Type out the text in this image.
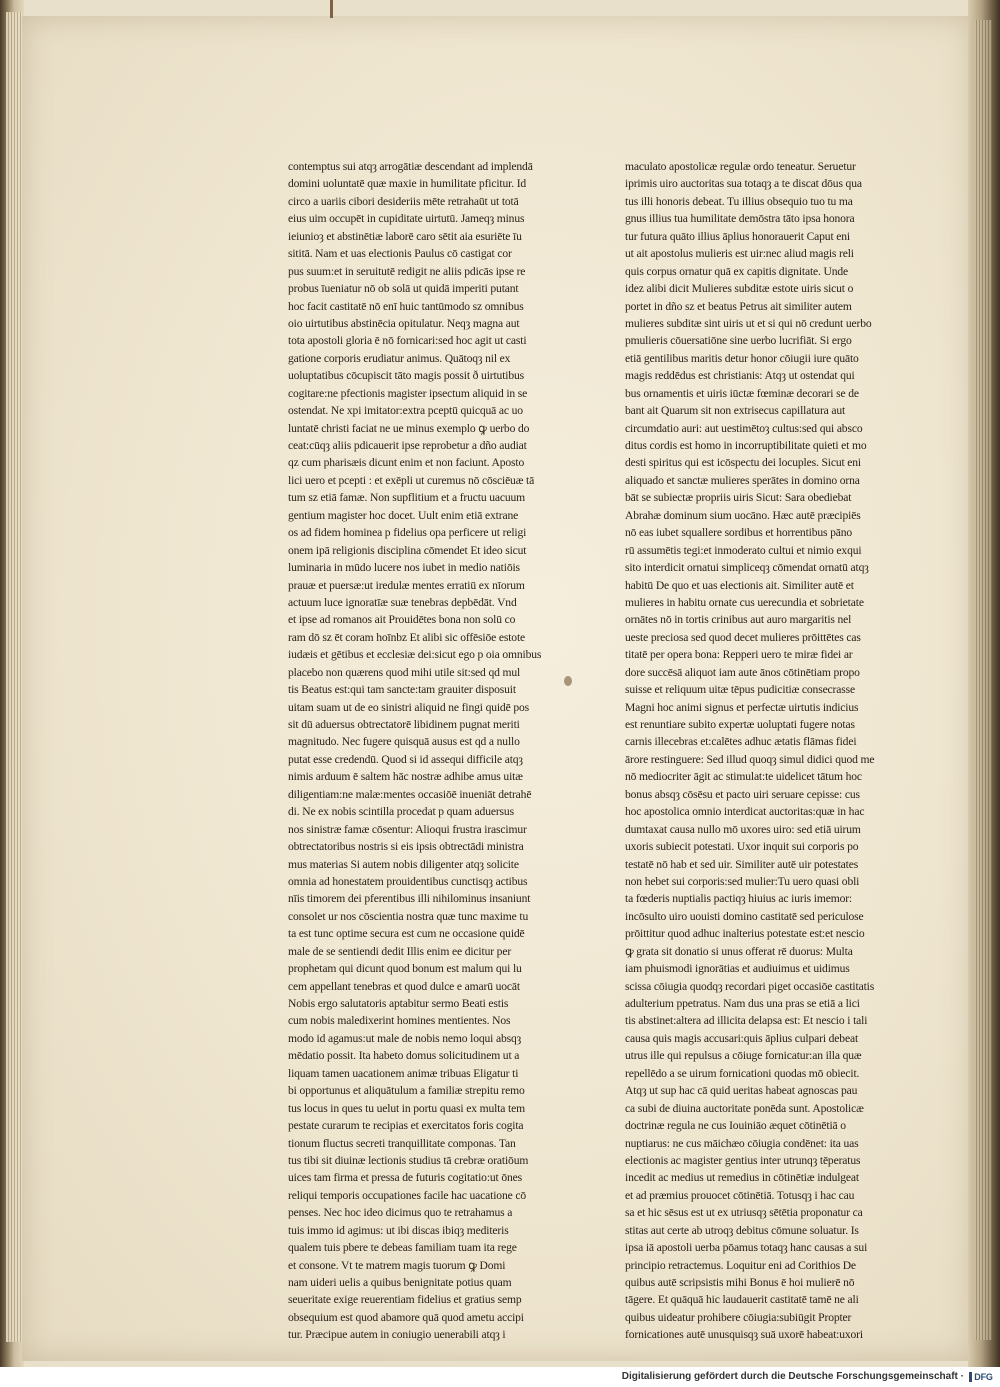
contemptus sui atqȝ arrogātiæ descendant ad implendā
domini uoluntatē quæ maxie in humilitate pficitur. Id
circo a uariis cibori desideriis mēte retrahaūt ut totā
eius uim occupēt in cupiditate uirtutū. Jameqȝ minus
ieiunioȝ et abstinētiæ laborē caro sētit aia esuriēte īu
sititā. Nam et uas electionis Paulus cō castigat cor
pus suum:et in seruitutē redigit ne aliis pdicās ipse re
probus īueniatur nō ob solā ut quidā imperiti putant
hoc facit castitatē nō enī huic tantūmodo sz omnibus
oio uirtutibus abstinēcia opitulatur. Neqȝ magna aut
tota apostoli gloria ē nō fornicari:sed hoc agit ut casti
gatione corporis erudiatur animus. Quātoqȝ nil ex
uoluptatibus cōcupiscit tāto magis possit ð uirtutibus
cogitare:ne pfectionis magister ipsectum aliquid in se
ostendat. Ne xpi imitator:extra pceptū quicquā ac uo
luntatē christi faciat ne ue minus exemplo ꝙ uerbo do
ceat:cūqȝ aliis pdicauerit ipse reprobetur a dño audiat
qz cum pharisæis dicunt enim et non faciunt. Aposto
lici uero et pcepti : et exēpli ut curemus nō cōsciēuæ tā
tum sz etiā famæ. Non supflitium et a fructu uacuum
gentium magister hoc docet. Uult enim etiā extrane
os ad fidem hominea p fidelius opa perficere ut religi
onem ipā religionis disciplina cōmendet Et ideo sicut
luminaria in mūdo lucere nos iubet in medio natiōis
prauæ et puersæ:ut iredulæ mentes erratiū ex nīorum
actuum luce ignoratīæ suæ tenebras depbēdāt. Vnd
et ipse ad romanos ait Prouidētes bona non solū co
ram dō sz ēt coram hoīnbz Et alibi sic offēsiōe estote
iudæis et gētibus et ecclesiæ dei:sicut ego p oia omnibus
placebo non quærens quod mihi utile sit:sed qd mul
tis Beatus est:qui tam sancte:tam grauiter disposuit
uitam suam ut de eo sinistri aliquid ne fingi quidē pos
sit dū aduersus obtrectatorē libidinem pugnat meriti
magnitudo. Nec fugere quisquā ausus est qd a nullo
putat esse credendū. Quod si id assequi difficile atqȝ
nimis arduum ē saltem hāc nostræ adhibe amus uitæ
diligentiam:ne malæ:mentes occasiōē inueniāt detrahē
di. Ne ex nobis scintilla procedat p quam aduersus
nos sinistræ famæ cōsentur: Alioqui frustra irascimur
obtrectatoribus nostris si eis ipsis obtrectādi ministra
mus materias Si autem nobis diligenter atqȝ solicite
omnia ad honestatem prouidentibus cunctisqȝ actibus
nīis timorem dei pferentibus illi nihilominus insaniunt
consolet ur nos cōscientia nostra quæ tunc maxime tu
ta est tunc optime secura est cum ne occasione quidē
male de se sentiendi dedit Illis enim ee dicitur per
prophetam qui dicunt quod bonum est malum qui lu
cem appellant tenebras et quod dulce e amarū uocāt
Nobis ergo salutatoris aptabitur sermo Beati estis
cum nobis maledixerint homines mentientes. Nos
modo id agamus:ut male de nobis nemo loqui absqȝ
mēdatio possit. Ita habeto domus solicitudinem ut a
liquam tamen uacationem animæ tribuas Eligatur ti
bi opportunus et aliquātulum a familiæ strepitu remo
tus locus in ques tu uelut in portu quasi ex multa tem
pestate curarum te recipias et exercitatos foris cogita
tionum fluctus secreti tranquillitate componas. Tan
tus tibi sit diuinæ lectionis studius tā crebræ oratiōum
uices tam firma et pressa de futuris cogitatio:ut ōnes
reliqui temporis occupationes facile hac uacatione cō
penses. Nec hoc ideo dicimus quo te retrahamus a
tuis immo id agimus: ut ibi discas ibiqȝ mediteris
qualem tuis pbere te debeas familiam tuam ita rege
et consone. Vt te matrem magis tuorum ꝙ Domi
nam uideri uelis a quibus benignitate potius quam
seueritate exige reuerentiam fidelius et gratius semp
obsequium est quod abamore quā quod ametu accipi
tur. Præcipue autem in coniugio uenerabili atqȝ i
maculato apostolicæ regulæ ordo teneatur. Seruetur
iprimis uiro auctoritas sua totaqȝ a te discat dōus qua
tus illi honoris debeat. Tu illius obsequio tuo tu ma
gnus illius tua humilitate demōstra tāto ipsa honora
tur futura quāto illius āplius honorauerit Caput eni
ut ait apostolus mulieris est uir:nec aliud magis reli
quis corpus ornatur quā ex capitis dignitate. Unde
idez alibi dicit Mulieres subditæ estote uiris sicut o
portet in dño sz et beatus Petrus ait similiter autem
mulieres subditæ sint uiris ut et si qui nō credunt uerbo
pmulieris cōuersatiōne sine uerbo lucrifiāt. Si ergo
etiā gentilibus maritis detur honor cōiugii iure quāto
magis reddēdus est christianis: Atqȝ ut ostendat qui
bus ornamentis et uiris iūctæ fœminæ decorari se de
bant ait Quarum sit non extrisecus capillatura aut
circumdatio auri: aut uestimētoȝ cultus:sed qui absco
ditus cordis est homo in incorruptibilitate quieti et mo
desti spiritus qui est icōspectu dei locuples. Sicut eni
aliquado et sanctæ mulieres sperātes in domino orna
bāt se subiectæ propriis uiris Sicut: Sara obediebat
Abrahæ dominum sium uocāno. Hæc autē præcipiēs
nō eas iubet squallere sordibus et horrentibus pāno
rū assumētis tegi:et inmoderato cultui et nimio exqui
sito interdicit ornatui simpliceqȝ cōmendat ornatū atqȝ
habitū De quo et uas electionis ait. Similiter autē et
mulieres in habitu ornate cus uerecundia et sobrietate
ornātes nō in tortis crinibus aut auro margaritis nel
ueste preciosa sed quod decet mulieres prōittētes cas
titatē per opera bona: Repperi uero te miræ fidei ar
dore succēsā aliquot iam aute ānos cōtinētiam propo
suisse et reliquum uitæ tēpus pudicitiæ consecrasse
Magni hoc animi signus et perfectæ uirtutis indicius
est renuntiare subito expertæ uoluptati fugere notas
carnis illecebras et:calētes adhuc ætatis flāmas fidei
ārore restinguere: Sed illud quoqȝ simul didici quod me
nō mediocriter āgit ac stimulat:te uidelicet tātum hoc
bonus absqȝ cōsēsu et pacto uiri seruare cepisse: cus
hoc apostolica omnio interdicat auctoritas:quæ in hac
dumtaxat causa nullo mō uxores uiro: sed etiā uirum
uxoris subiecit potestati. Uxor inquit sui corporis po
testatē nō hab et sed uir. Similiter autē uir potestates
non hebet sui corporis:sed mulier:Tu uero quasi obli
ta fœderis nuptialis pactiqȝ hiuius ac iuris imemor:
incōsulto uiro uouisti domino castitatē sed periculose
prōittitur quod adhuc inalterius potestate est:et nescio
ꝙ grata sit donatio si unus offerat rē duorus: Multa
iam phuismodi ignorātias et audiuimus et uidimus
scissa cōiugia quodqȝ recordari piget occasiōe castitatis
adulterium ppetratus. Nam dus una pras se etiā a lici
tis abstinet:altera ad illicita delapsa est: Et nescio i tali
causa quis magis accusari:quis āplius culpari debeat
utrus ille qui repulsus a cōiuge fornicatur:an illa quæ
repellēdo a se uirum fornicationi quodas mō obiecit.
Atqȝ ut sup hac cā quid ueritas habeat agnoscas pau
ca subi de diuina auctoritate ponēda sunt. Apostolicæ
doctrinæ regula ne cus Iouiniāo æquet cōtinētiā o
nuptiarus: ne cus māichæo cōiugia condēnet: ita uas
electionis ac magister gentius inter utrunqȝ tēperatus
incedit ac medius ut remedius in cōtinētiæ indulgeat
et ad præmius prouocet cōtinētiā. Totusqȝ i hac cau
sa et hic sēsus est ut ex utriusqȝ sētētia proponatur ca
stitas aut certe ab utroqȝ debitus cōmune soluatur. Is
ipsa iā apostoli uerba pōamus totaqȝ hanc causas a sui
principio retractemus. Loquitur eni ad Corithios De
quibus autē scripsistis mihi Bonus ē hoi mulierē nō
tāgere. Et quāquā hic laudauerit castitatē tamē ne ali
quibus uideatur prohibere cōiugia:subiūgit Propter
fornicationes autē unusquisqȝ suā uxorē habeat:uxori
Digitalisierung gefördert durch die Deutsche Forschungsgemeinschaft · DFG
